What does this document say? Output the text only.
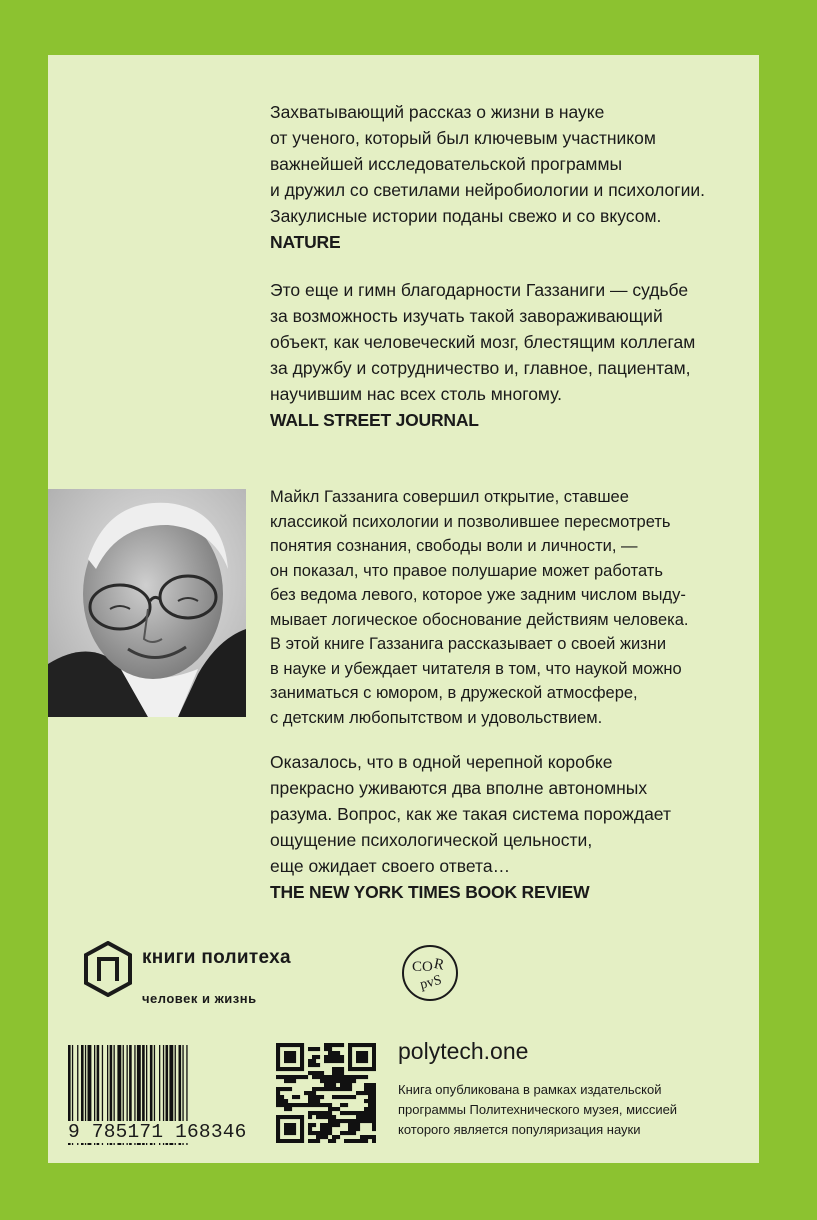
Захватывающий рассказ о жизни в науке
от ученого, который был ключевым участником
важнейшей исследовательской программы
и дружил со светилами нейробиологии и психологии.
Закулисные истории поданы свежо и со вкусом.

NATURE

Это еще и гимн благодарности Газзаниги — судьбе
за возможность изучать такой завораживающий
объект, как человеческий мозг, блестящим коллегам
за дружбу и сотрудничество и, главное, пациентам,
научившим нас всех столь многому.

WALL STREET JOURNAL

Майкл Газзанига совершил открытие, ставшее
классикой психологии и позволившее пересмотреть
понятия сознания, свободы воли и личности, —
он показал, что правое полушарие может работать
без ведома левого, которое уже задним числом выду-
мывает логическое обоснование действиям человека.
В этой книге Газзанига рассказывает о своей жизни
в науке и убеждает читателя в том, что наукой можно
заниматься с юмором, в дружеской атмосфере,
с детским любопытством и удовольствием.

Оказалось, что в одной черепной коробке
прекрасно уживаются два вполне автономных
разума. Вопрос, как же такая система порождает
ощущение психологической цельности,
еще ожидает своего ответа…

THE NEW YORK TIMES BOOK REVIEW

книги политеха
человек и жизнь
CO R
pvS
9 785171 168346
polytech.one
Книга опубликована в рамках издательской
программы Политехнического музея, миссией
которого является популяризация науки
